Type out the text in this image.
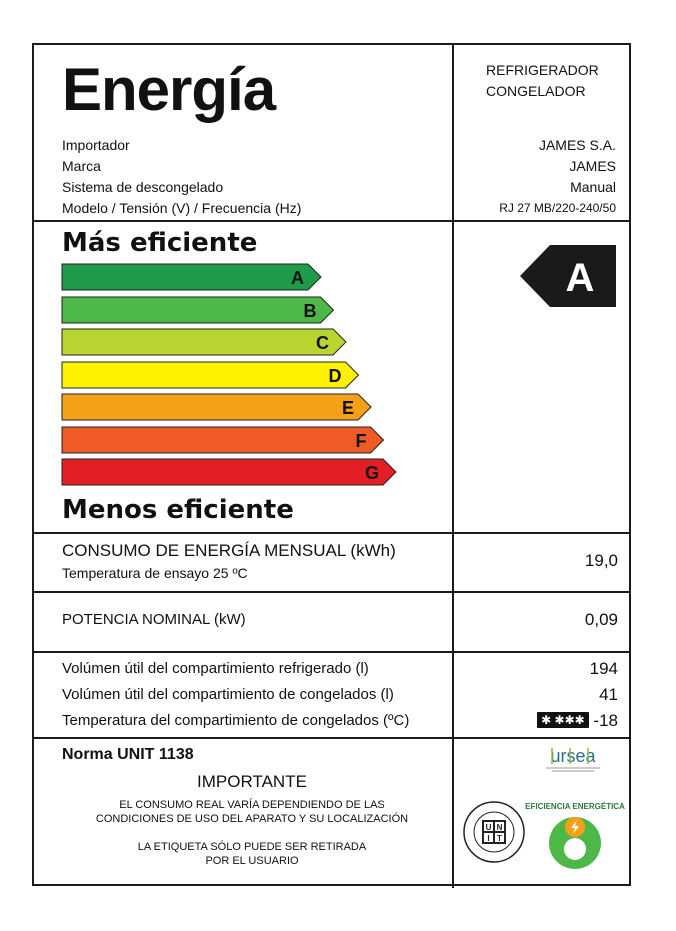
Energía	REFRIGERADOR
CONGELADOR
Importador
Marca
Sistema de descongelado
Modelo / Tensión (V) / Frecuencia (Hz)
JAMES S.A.
JAMES
Manual
RJ 27 MB/220-240/50
Más eficiente
A
B
C
D
E
F
G
A
Menos eficiente
CONSUMO DE ENERGÍA MENSUAL (kWh)
Temperatura de ensayo 25 ºC
19,0
POTENCIA NOMINAL (kW)	0,09
Volúmen útil del compartimiento refrigerado (l)
Volúmen útil del compartimiento de congelados (l)
Temperatura del compartimiento de congelados (ºC)
194
41
✱ ✱✱✱ -18
Norma UNIT 1138
IMPORTANTE
EL CONSUMO REAL VARÍA DEPENDIENDO DE LAS
CONDICIONES DE USO DEL APARATO Y SU LOCALIZACIÓN
LA ETIQUETA SÓLO PUEDE SER RETIRADA
POR EL USUARIO
ursea
U N
I T
EFICIENCIA ENERGÉTICA
